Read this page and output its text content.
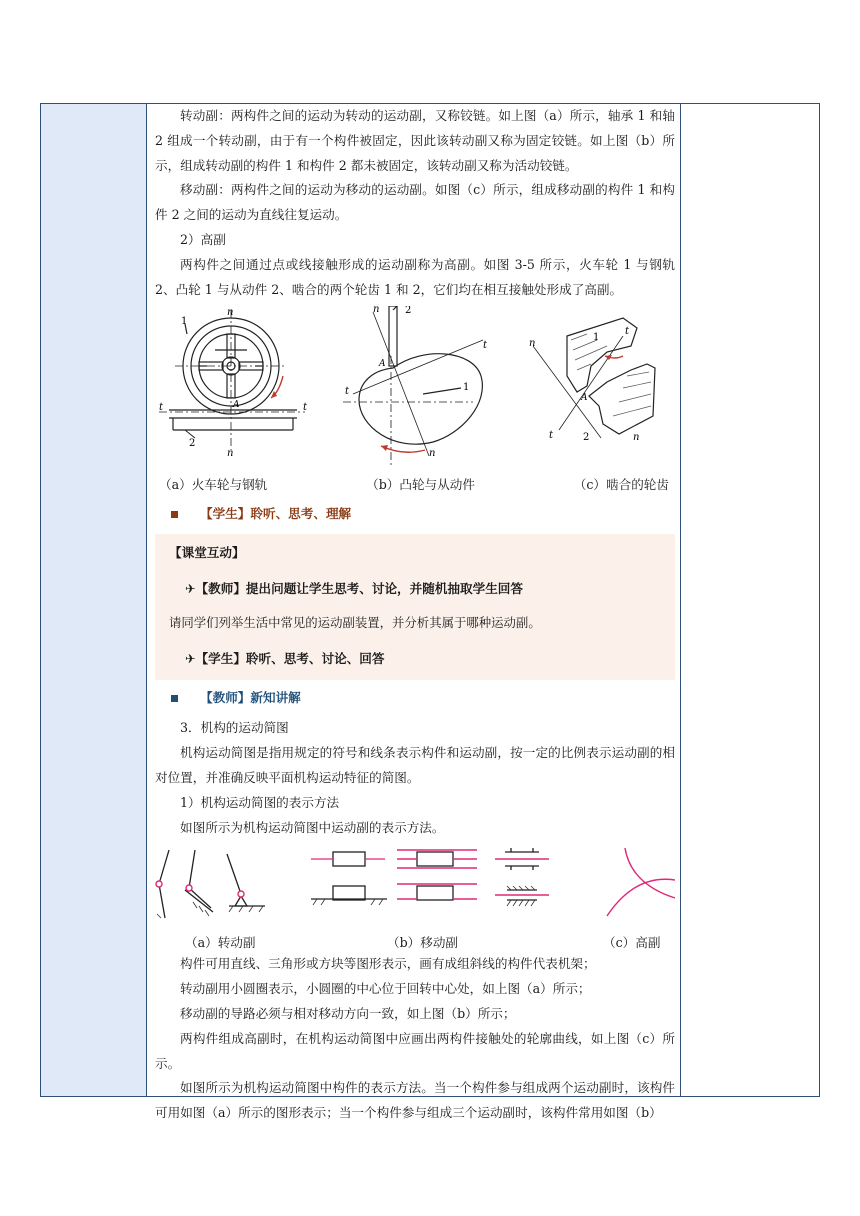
转动副：两构件之间的运动为转动的运动副，又称铰链。如上图（a）所示，轴承 1 和轴 2 组成一个转动副，由于有一个构件被固定，因此该转动副又称为固定铰链。如上图（b）所示，组成转动副的构件 1 和构件 2 都未被固定，该转动副又称为活动铰链。

移动副：两构件之间的运动为移动的运动副。如图（c）所示，组成移动副的构件 1 和构件 2 之间的运动为直线往复运动。

2）高副

两构件之间通过点或线接触形成的运动副称为高副。如图 3-5 所示，火车轮 1 与钢轨 2、凸轮 1 与从动件 2、啮合的两个轮齿 1 和 2，它们均在相互接触处形成了高副。

n
n
t	t
A
1
2
n	2
A
t
t
1
n
n
1
t
A
t	2	n
（a）火车轮与钢轨	（b）凸轮与从动件	（c）啮合的轮齿
【学生】聆听、思考、理解
【课堂互动】
✈【教师】提出问题让学生思考、讨论，并随机抽取学生回答
请同学们列举生活中常见的运动副装置，并分析其属于哪种运动副。
✈【学生】聆听、思考、讨论、回答
【教师】新知讲解

3．机构的运动简图

机构运动简图是指用规定的符号和线条表示构件和运动副，按一定的比例表示运动副的相对位置，并准确反映平面机构运动特征的简图。

1）机构运动简图的表示方法

如图所示为机构运动简图中运动副的表示方法。

（a）转动副	（b）移动副	（c）高副

构件可用直线、三角形或方块等图形表示，画有成组斜线的构件代表机架；

转动副用小圆圈表示，小圆圈的中心位于回转中心处，如上图（a）所示；

移动副的导路必须与相对移动方向一致，如上图（b）所示；

两构件组成高副时，在机构运动简图中应画出两构件接触处的轮廓曲线，如上图（c）所示。

如图所示为机构运动简图中构件的表示方法。当一个构件参与组成两个运动副时，该构件可用如图（a）所示的图形表示；当一个构件参与组成三个运动副时，该构件常用如图（b）
